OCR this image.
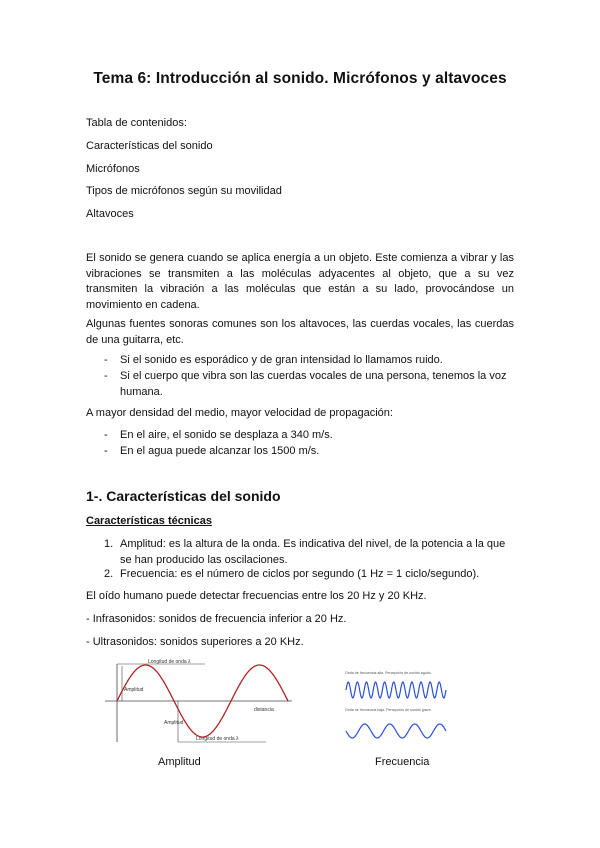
Tema 6: Introducción al sonido. Micrófonos y altavoces
Tabla de contenidos:
Características del sonido
Micrófonos
Tipos de micrófonos según su movilidad
Altavoces
El sonido se genera cuando se aplica energía a un objeto. Este comienza a vibrar y las vibraciones se transmiten a las moléculas adyacentes al objeto, que a su vez transmiten la vibración a las moléculas que están a su lado, provocándose un movimiento en cadena.
Algunas fuentes sonoras comunes son los altavoces, las cuerdas vocales, las cuerdas de una guitarra, etc.
- Si el sonido es esporádico y de gran intensidad lo llamamos ruido.
- Si el cuerpo que vibra son las cuerdas vocales de una persona, tenemos la voz humana.
A mayor densidad del medio, mayor velocidad de propagación:
- En el aire, el sonido se desplaza a 340 m/s.
- En el agua puede alcanzar los 1500 m/s.
1-. Características del sonido
Características técnicas
1. Amplitud: es la altura de la onda. Es indicativa del nivel, de la potencia a la que se han producido las oscilaciones.
2. Frecuencia: es el número de ciclos por segundo (1 Hz = 1 ciclo/segundo).
El oído humano puede detectar frecuencias entre los 20 Hz y 20 KHz.
- Infrasonidos: sonidos de frecuencia inferior a 20 Hz.
- Ultrasonidos: sonidos superiores a 20 KHz.
Longitud de onda λ
Amplitud
Amplitud
distancia
Longitud de onda λ
Amplitud
Onda de frecuencia alta. Percepción de sonido agudo.
Onda de frecuencia baja. Percepción de sonido grave.
Frecuencia
